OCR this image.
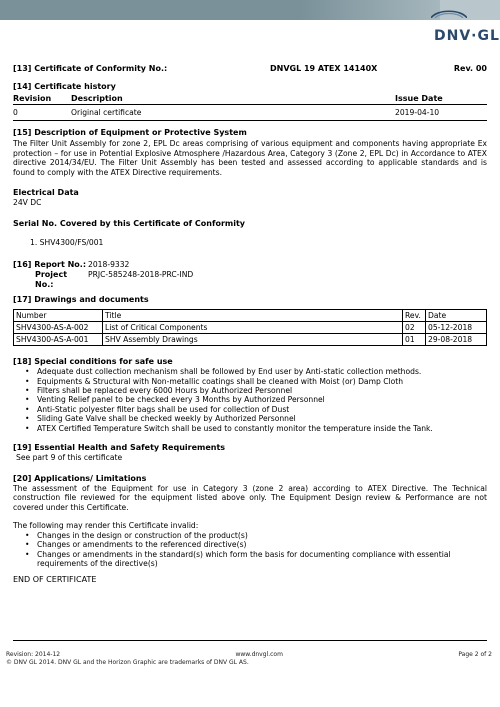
DNV·GL
[13] Certificate of Conformity No.:	DNVGL 19 ATEX 14140X	Rev. 00
[14] Certificate history
Revision	Description	Issue Date
0	Original certificate	2019-04-10
[15] Description of Equipment or Protective System
The Filter Unit Assembly for zone 2, EPL Dc areas comprising of various equipment and components having appropriate Ex protection – for use in Potential Explosive Atmosphere /Hazardous Area, Category 3 (Zone 2, EPL Dc) in Accordance to ATEX directive 2014/34/EU. The Filter Unit Assembly has been tested and assessed according to applicable standards and is found to comply with the ATEX Directive requirements.
Electrical Data
24V DC
Serial No. Covered by this Certificate of Conformity
1. SHV4300/FS/001
[16] Report No.: 2018-9332
Project No.:
PRJC-585248-2018-PRC-IND
[17] Drawings and documents
Number	Title	Rev.	Date
SHV4300-AS-A-002	List of Critical Components	02	05-12-2018
SHV4300-AS-A-001	SHV Assembly Drawings	01	29-08-2018
[18] Special conditions for safe use
• Adequate dust collection mechanism shall be followed by End user by Anti-static collection methods.
• Equipments & Structural with Non-metallic coatings shall be cleaned with Moist (or) Damp Cloth
• Filters shall be replaced every 6000 Hours by Authorized Personnel
• Venting Relief panel to be checked every 3 Months by Authorized Personnel
• Anti-Static polyester filter bags shall be used for collection of Dust
• Sliding Gate Valve shall be checked weekly by Authorized Personnel
• ATEX Certified Temperature Switch shall be used to constantly monitor the temperature inside the Tank.
[19] Essential Health and Safety Requirements
See part 9 of this certificate
[20] Applications/ Limitations
The assessment of the Equipment for use in Category 3 (zone 2 area) according to ATEX Directive. The Technical construction file reviewed for the equipment listed above only. The Equipment Design review & Performance are not covered under this Certificate.
The following may render this Certificate invalid:
• Changes in the design or construction of the product(s)
• Changes or amendments to the referenced directive(s)
• Changes or amendments in the standard(s) which form the basis for documenting compliance with essential requirements of the directive(s)
END OF CERTIFICATE
Revision: 2014-12	www.dnvgl.com	Page 2 of 2
© DNV GL 2014. DNV GL and the Horizon Graphic are trademarks of DNV GL AS.
